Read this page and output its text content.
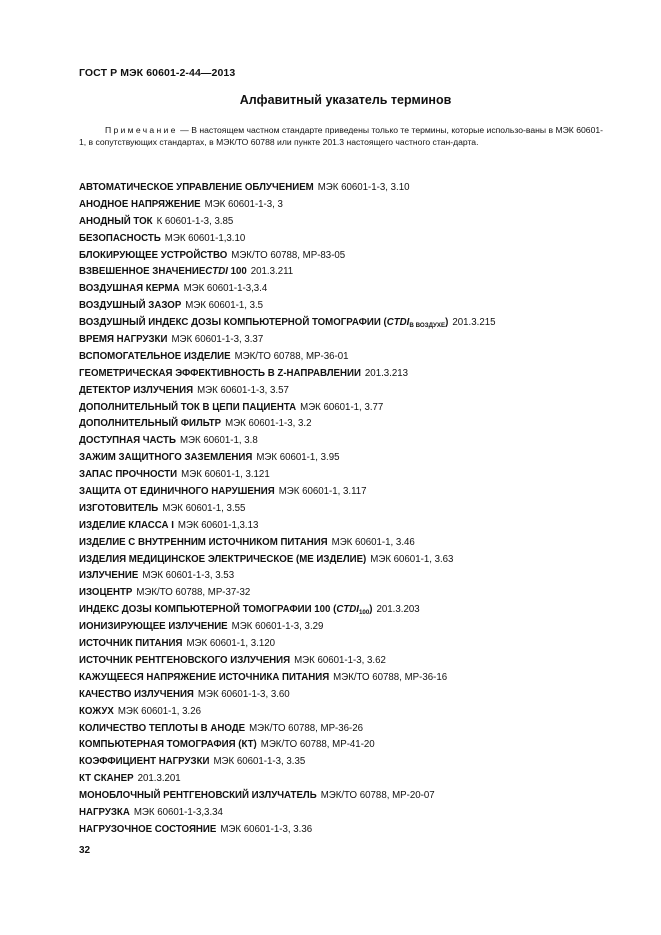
ГОСТ Р МЭК 60601-2-44—2013
Алфавитный указатель терминов

Примечание — В настоящем частном стандарте приведены только те термины, которые использо-ваны в МЭК 60601-1, в сопутствующих стандартах, в МЭК/ТО 60788 или пункте 201.3 настоящего частного стан-дарта.

АВТОМАТИЧЕСКОЕ УПРАВЛЕНИЕ ОБЛУЧЕНИЕМ МЭК 60601-1-3, 3.10
АНОДНОЕ НАПРЯЖЕНИЕ МЭК 60601-1-3, 3
АНОДНЫЙ ТОК К 60601-1-3, 3.85
БЕЗОПАСНОСТЬ МЭК 60601-1,3.10
БЛОКИРУЮЩЕЕ УСТРОЙСТВО МЭК/ТО 60788, МР-83-05
ВЗВЕШЕННОЕ ЗНАЧЕНИЕCTDI 100 201.3.211
ВОЗДУШНАЯ КЕРМА МЭК 60601-1-3,3.4
ВОЗДУШНЫЙ ЗАЗОР МЭК 60601-1, 3.5
ВОЗДУШНЫЙ ИНДЕКС ДОЗЫ КОМПЬЮТЕРНОЙ ТОМОГРАФИИ $(CTDI_{В ВОЗДУХЕ})$ 201.3.215
ВРЕМЯ НАГРУЗКИ МЭК 60601-1-3, 3.37
ВСПОМОГАТЕЛЬНОЕ ИЗДЕЛИЕ МЭК/ТО 60788, МР-36-01
ГЕОМЕТРИЧЕСКАЯ ЭФФЕКТИВНОСТЬ В Z-НАПРАВЛЕНИИ 201.3.213
ДЕТЕКТОР ИЗЛУЧЕНИЯ МЭК 60601-1-3, 3.57
ДОПОЛНИТЕЛЬНЫЙ ТОК В ЦЕПИ ПАЦИЕНТА МЭК 60601-1, 3.77
ДОПОЛНИТЕЛЬНЫЙ ФИЛЬТР МЭК 60601-1-3, 3.2
ДОСТУПНАЯ ЧАСТЬ МЭК 60601-1, 3.8
ЗАЖИМ ЗАЩИТНОГО ЗАЗЕМЛЕНИЯ МЭК 60601-1, 3.95
ЗАПАС ПРОЧНОСТИ МЭК 60601-1, 3.121
ЗАЩИТА ОТ ЕДИНИЧНОГО НАРУШЕНИЯ МЭК 60601-1, 3.117
ИЗГОТОВИТЕЛЬ МЭК 60601-1, 3.55
ИЗДЕЛИЕ КЛАССА I МЭК 60601-1,3.13
ИЗДЕЛИЕ С ВНУТРЕННИМ ИСТОЧНИКОМ ПИТАНИЯ МЭК 60601-1, 3.46
ИЗДЕЛИЯ МЕДИЦИНСКОЕ ЭЛЕКТРИЧЕСКОЕ (МЕ ИЗДЕЛИЕ) МЭК 60601-1, 3.63
ИЗЛУЧЕНИЕ МЭК 60601-1-3, 3.53
ИЗОЦЕНТР МЭК/ТО 60788, МР-37-32
ИНДЕКС ДОЗЫ КОМПЬЮТЕРНОЙ ТОМОГРАФИИ 100 $(CTDI_{100})$ 201.3.203
ИОНИЗИРУЮЩЕЕ ИЗЛУЧЕНИЕ МЭК 60601-1-3, 3.29
ИСТОЧНИК ПИТАНИЯ МЭК 60601-1, 3.120
ИСТОЧНИК РЕНТГЕНОВСКОГО ИЗЛУЧЕНИЯ МЭК 60601-1-3, 3.62
КАЖУЩЕЕСЯ НАПРЯЖЕНИЕ ИСТОЧНИКА ПИТАНИЯ МЭК/ТО 60788, МР-36-16
КАЧЕСТВО ИЗЛУЧЕНИЯ МЭК 60601-1-3, 3.60
КОЖУХ МЭК 60601-1, 3.26
КОЛИЧЕСТВО ТЕПЛОТЫ В АНОДЕ МЭК/ТО 60788, МР-36-26
КОМПЬЮТЕРНАЯ ТОМОГРАФИЯ (КТ) МЭК/ТО 60788, МР-41-20
КОЭФФИЦИЕНТ НАГРУЗКИ МЭК 60601-1-3, 3.35
КТ СКАНЕР 201.3.201
МОНОБЛОЧНЫЙ РЕНТГЕНОВСКИЙ ИЗЛУЧАТЕЛЬ МЭК/ТО 60788, МР-20-07
НАГРУЗКА МЭК 60601-1-3,3.34
НАГРУЗОЧНОЕ СОСТОЯНИЕ МЭК 60601-1-3, 3.36
32
